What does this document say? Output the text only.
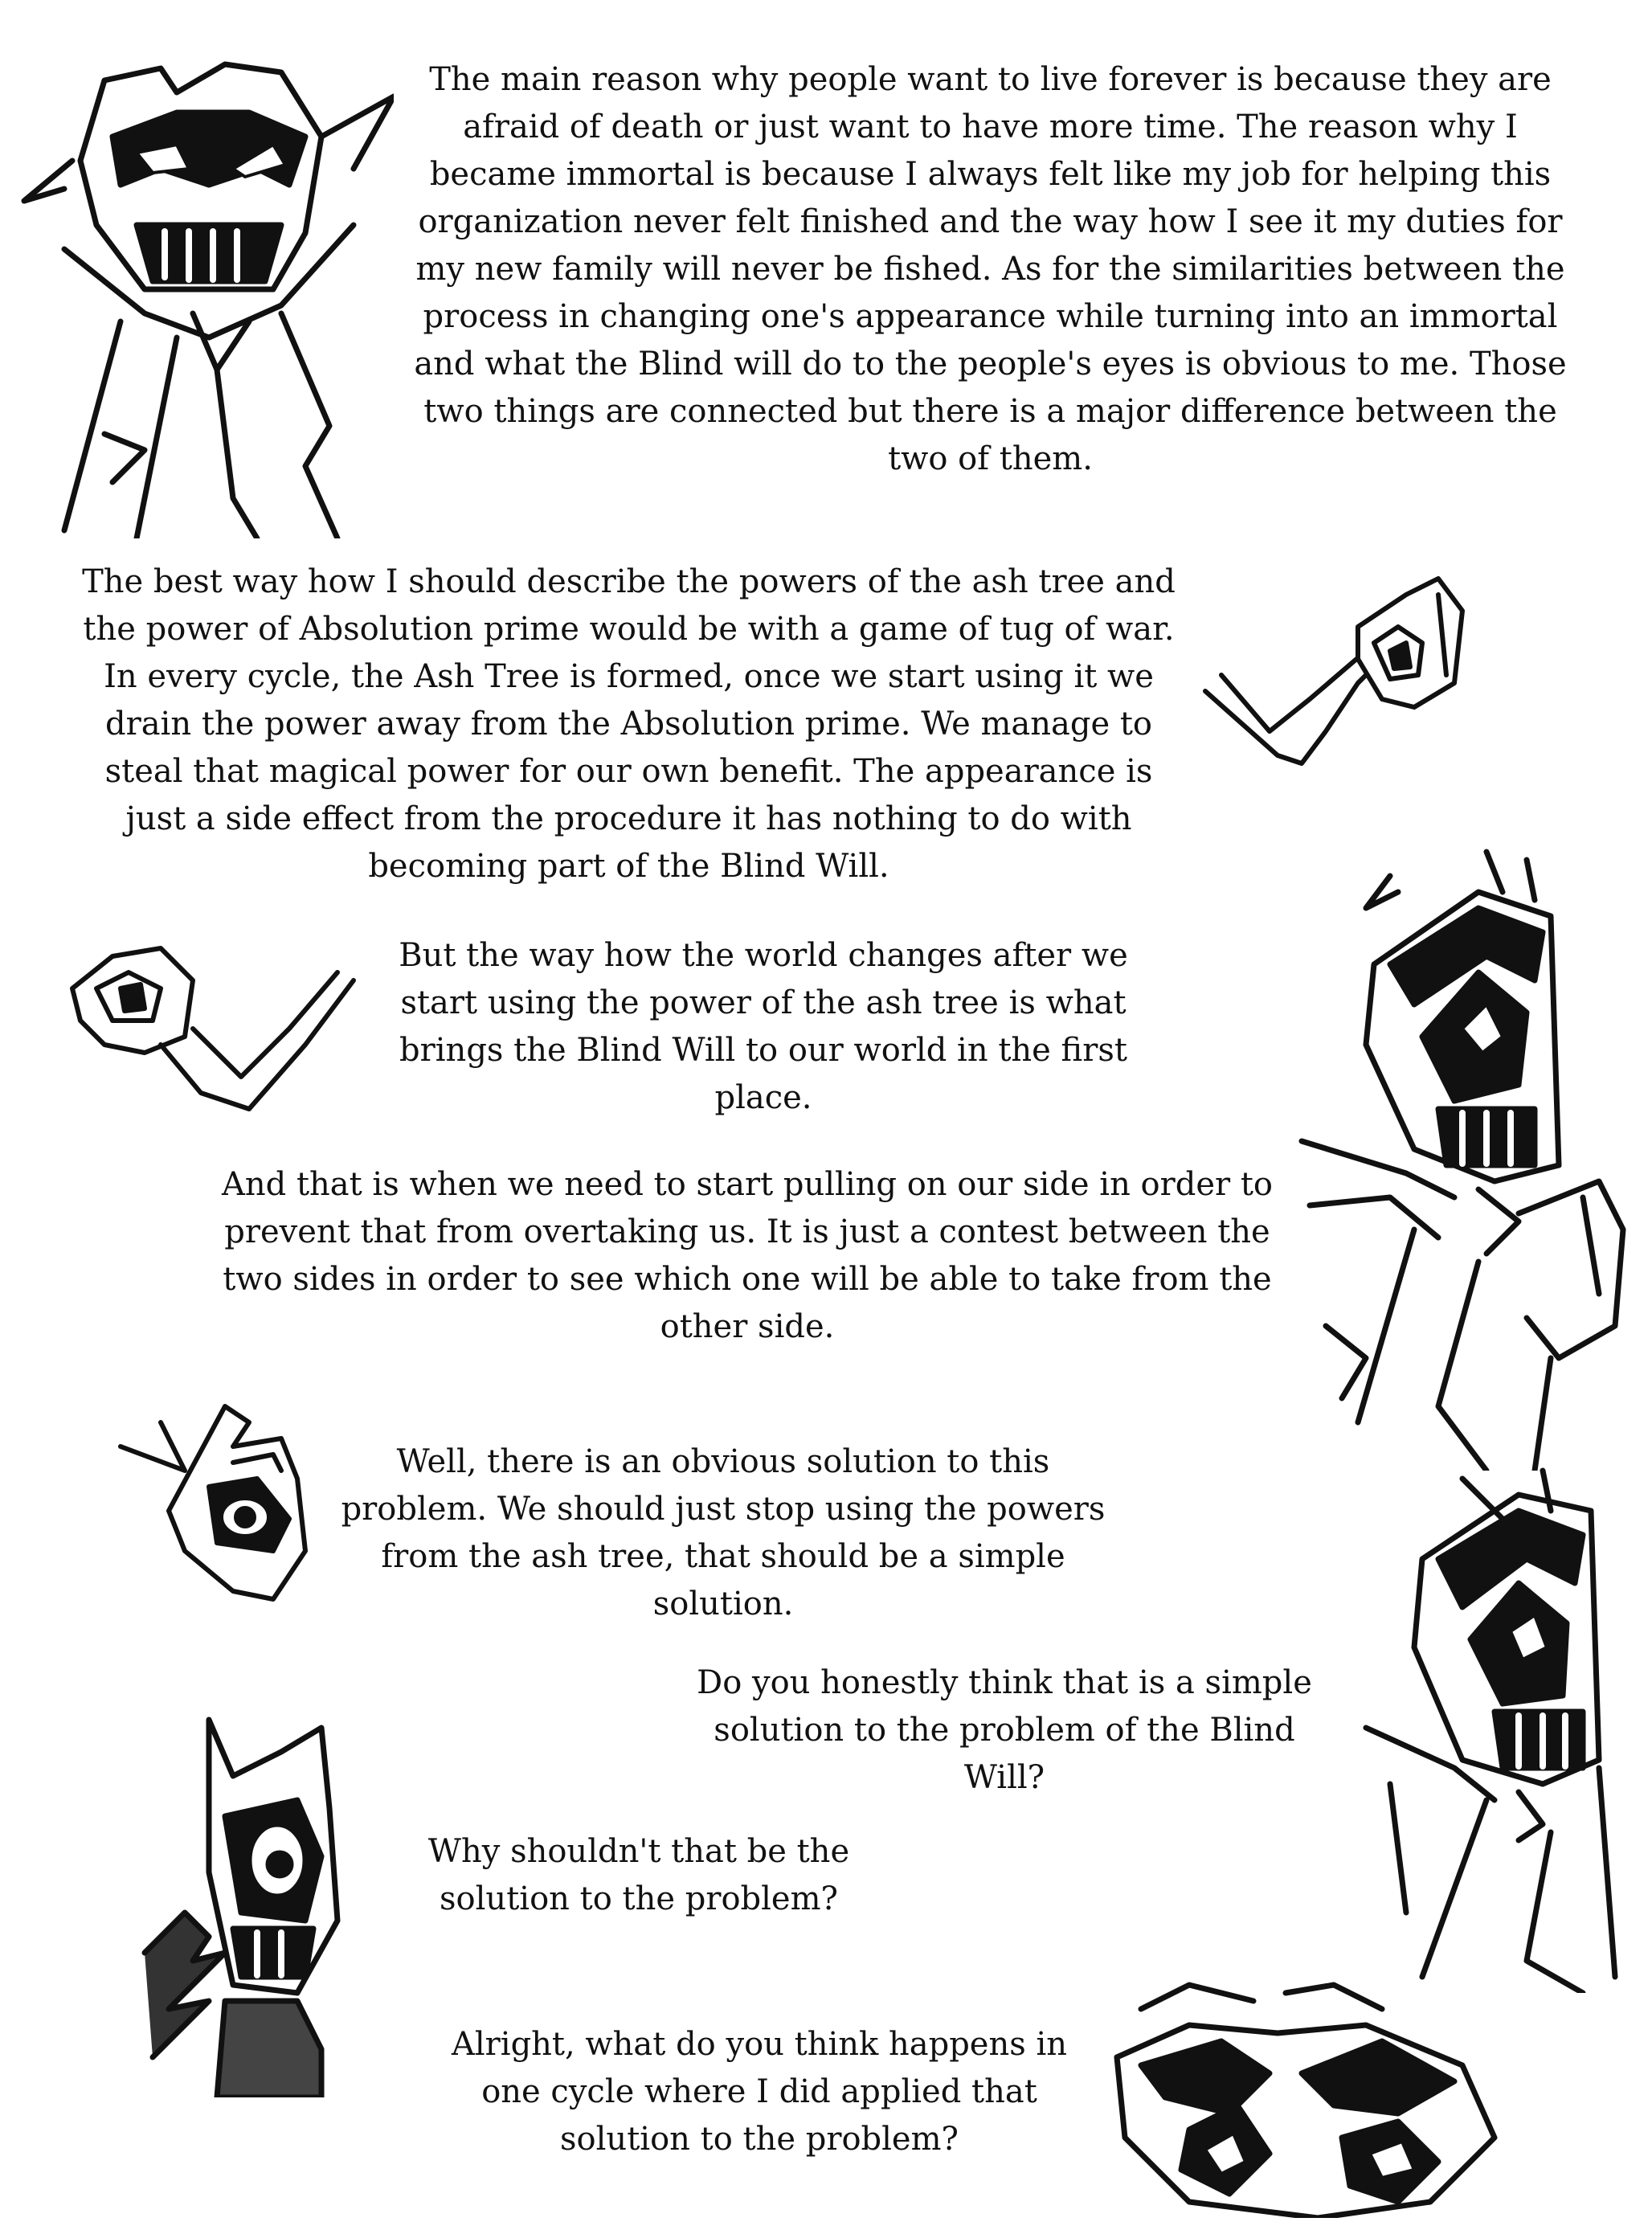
The main reason why people want to live forever is because they are afraid of death or just want to have more time. The reason why I became immortal is because I always felt like my job for helping this organization never felt finished and the way how I see it my duties for my new family will never be fished. As for the similarities between the process in changing one's appearance while turning into an immortal and what the Blind will do to the people's eyes is obvious to me. Those two things are connected but there is a major difference between the two of them.

The best way how I should describe the powers of the ash tree and the power of Absolution prime would be with a game of tug of war. In every cycle, the Ash Tree is formed, once we start using it we drain the power away from the Absolution prime. We manage to steal that magical power for our own benefit. The appearance is just a side effect from the procedure it has nothing to do with becoming part of the Blind Will.

But the way how the world changes after we start using the power of the ash tree is what brings the Blind Will to our world in the first place.

And that is when we need to start pulling on our side in order to prevent that from overtaking us. It is just a contest between the two sides in order to see which one will be able to take from the other side.

Well, there is an obvious solution to this problem. We should just stop using the powers from the ash tree, that should be a simple solution.

Do you honestly think that is a simple solution to the problem of the Blind Will?

Why shouldn't that be the solution to the problem?

Alright, what do you think happens in one cycle where I did applied that solution to the problem?
